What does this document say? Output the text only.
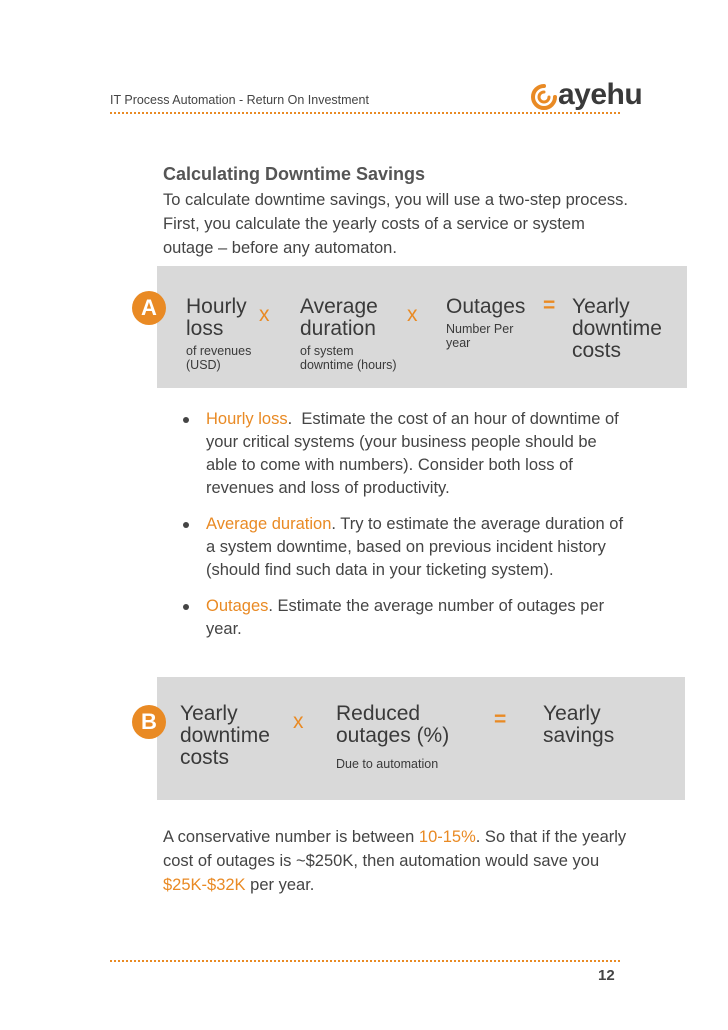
IT Process Automation - Return On Investment	ayehu
Calculating Downtime Savings
To calculate downtime savings, you will use a two-step process. First, you calculate the yearly costs of a service or system outage – before any automaton.
A	Hourly
loss
of revenues
(USD)
x Average
duration
of system
downtime (hours)
x Outages
Number Per
year
= Yearly
downtime
costs
Hourly loss.  Estimate the cost of an hour of downtime of your critical systems (your business people should be able to come with numbers). Consider both loss of revenues and loss of productivity.
Average duration. Try to estimate the average duration of a system downtime, based on previous incident history (should find such data in your ticketing system).
Outages. Estimate the average number of outages per year.
B	Yearly
downtime
costs
x Reduced
outages (%)
Due to automation
= Yearly
savings
A conservative number is between 10-15%. So that if the yearly cost of outages is ~$250K, then automation would save you $25K-$32K per year.
12
